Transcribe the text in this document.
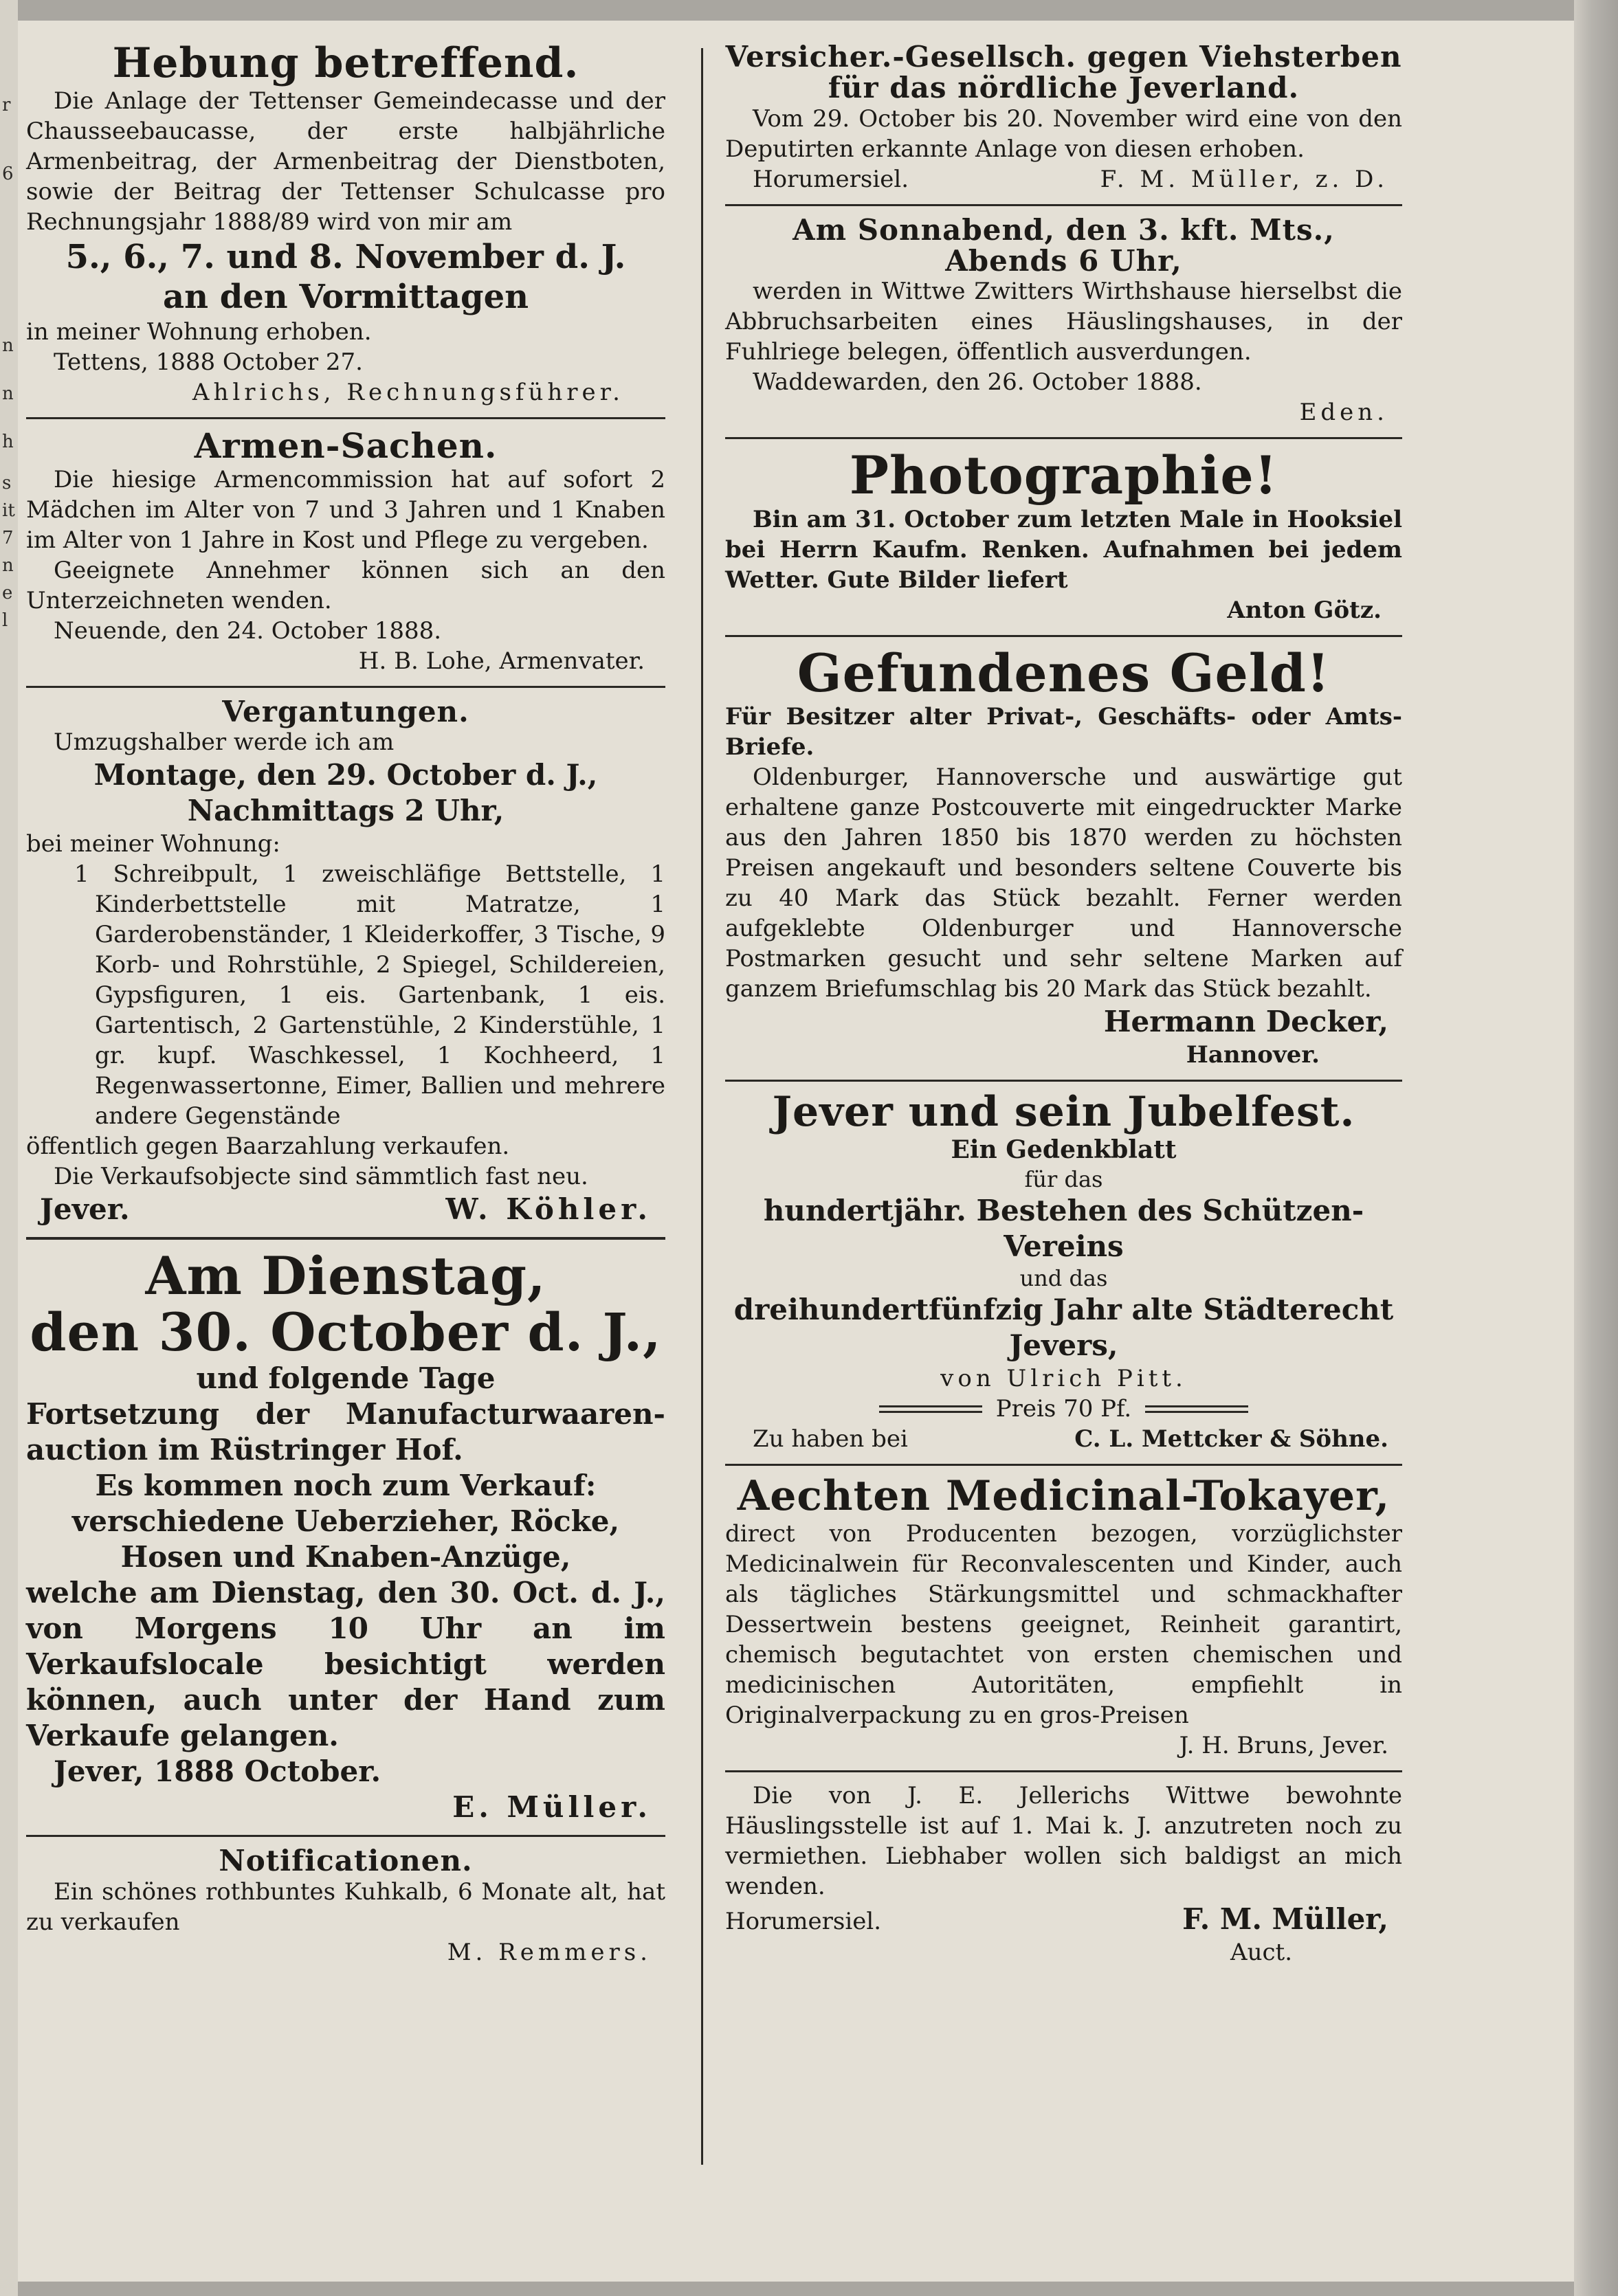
r
6
n
n
h
s
it
7
n
e
l
Hebung betreffend.

Die Anlage der Tettenser Gemeindecasse und der Chausseebaucasse, der erste halbjährliche Armenbeitrag, der Armenbeitrag der Dienstboten, sowie der Beitrag der Tettenser Schulcasse pro Rechnungsjahr 1888/89 wird von mir am

5., 6., 7. und 8. November d. J.
an den Vormittagen

in meiner Wohnung erhoben.

Tettens, 1888 October 27.

Ahlrichs, Rechnungsführer.

Armen-Sachen.

Die hiesige Armencommission hat auf sofort 2 Mädchen im Alter von 7 und 3 Jahren und 1 Knaben im Alter von 1 Jahre in Kost und Pflege zu vergeben.

Geeignete Annehmer können sich an den Unterzeichneten wenden.

Neuende, den 24. October 1888.

H. B. Lohe, Armenvater.

Vergantungen.

Umzugshalber werde ich am

Montage, den 29. October d. J.,
Nachmittags 2 Uhr,

bei meiner Wohnung:

1 Schreibpult, 1 zweischläfige Bettstelle, 1 Kinderbettstelle mit Matratze, 1 Garderobenständer, 1 Kleiderkoffer, 3 Tische, 9 Korb- und Rohrstühle, 2 Spiegel, Schildereien, Gypsfiguren, 1 eis. Gartenbank, 1 eis. Gartentisch, 2 Gartenstühle, 2 Kinderstühle, 1 gr. kupf. Waschkessel, 1 Kochheerd, 1 Regenwassertonne, Eimer, Ballien und mehrere andere Gegenstände

öffentlich gegen Baarzahlung verkaufen.

Die Verkaufsobjecte sind sämmtlich fast neu.

Jever.	W. Köhler.
Am Dienstag,
den 30. October d. J.,
und folgende Tage

Fortsetzung der Manufacturwaaren-auction im Rüstringer Hof.

Es kommen noch zum Verkauf: verschiedene Ueberzieher, Röcke, Hosen und Knaben-Anzüge,

welche am Dienstag, den 30. Oct. d. J., von Morgens 10 Uhr an im Verkaufslocale besichtigt werden können, auch unter der Hand zum Verkaufe gelangen.

Jever, 1888 October.

E. Müller.

Notificationen.

Ein schönes rothbuntes Kuhkalb, 6 Monate alt, hat zu verkaufen

M. Remmers.

Versicher.-Gesellsch. gegen Viehsterben für das nördliche Jeverland.

Vom 29. October bis 20. November wird eine von den Deputirten erkannte Anlage von diesen erhoben.

Horumersiel.	F. M. Müller, z. D.
Am Sonnabend, den 3. kft. Mts.,
Abends 6 Uhr,

werden in Wittwe Zwitters Wirthshause hierselbst die Abbruchsarbeiten eines Häuslingshauses, in der Fuhlriege belegen, öffentlich ausverdungen.

Waddewarden, den 26. October 1888.

Eden.

Photographie!

Bin am 31. October zum letzten Male in Hooksiel bei Herrn Kaufm. Renken. Aufnahmen bei jedem Wetter. Gute Bilder liefert

Anton Götz.

Gefundenes Geld!

Für Besitzer alter Privat-, Geschäfts- oder Amts-Briefe.

Oldenburger, Hannoversche und auswärtige gut erhaltene ganze Postcouverte mit eingedruckter Marke aus den Jahren 1850 bis 1870 werden zu höchsten Preisen angekauft und besonders seltene Couverte bis zu 40 Mark das Stück bezahlt. Ferner werden aufgeklebte Oldenburger und Hannoversche Postmarken gesucht und sehr seltene Marken auf ganzem Briefumschlag bis 20 Mark das Stück bezahlt.

Hermann Decker,

Hannover.

Jever und sein Jubelfest.
Ein Gedenkblatt
für das
hundertjähr. Bestehen des Schützen-Vereins
und das
dreihundertfünfzig Jahr alte Städterecht
Jevers,
von Ulrich Pitt.
Preis 70 Pf.
Zu haben bei	C. L. Mettcker & Söhne.
Aechten Medicinal-Tokayer,

direct von Producenten bezogen, vorzüglichster Medicinalwein für Reconvalescenten und Kinder, auch als tägliches Stärkungsmittel und schmackhafter Dessertwein bestens geeignet, Reinheit garantirt, chemisch begutachtet von ersten chemischen und medicinischen Autoritäten, empfiehlt in Originalverpackung zu en gros-Preisen

J. H. Bruns, Jever.

Die von J. E. Jellerichs Wittwe bewohnte Häuslingsstelle ist auf 1. Mai k. J. anzutreten noch zu vermiethen. Liebhaber wollen sich baldigst an mich wenden.

Horumersiel.	F. M. Müller,

Auct.
